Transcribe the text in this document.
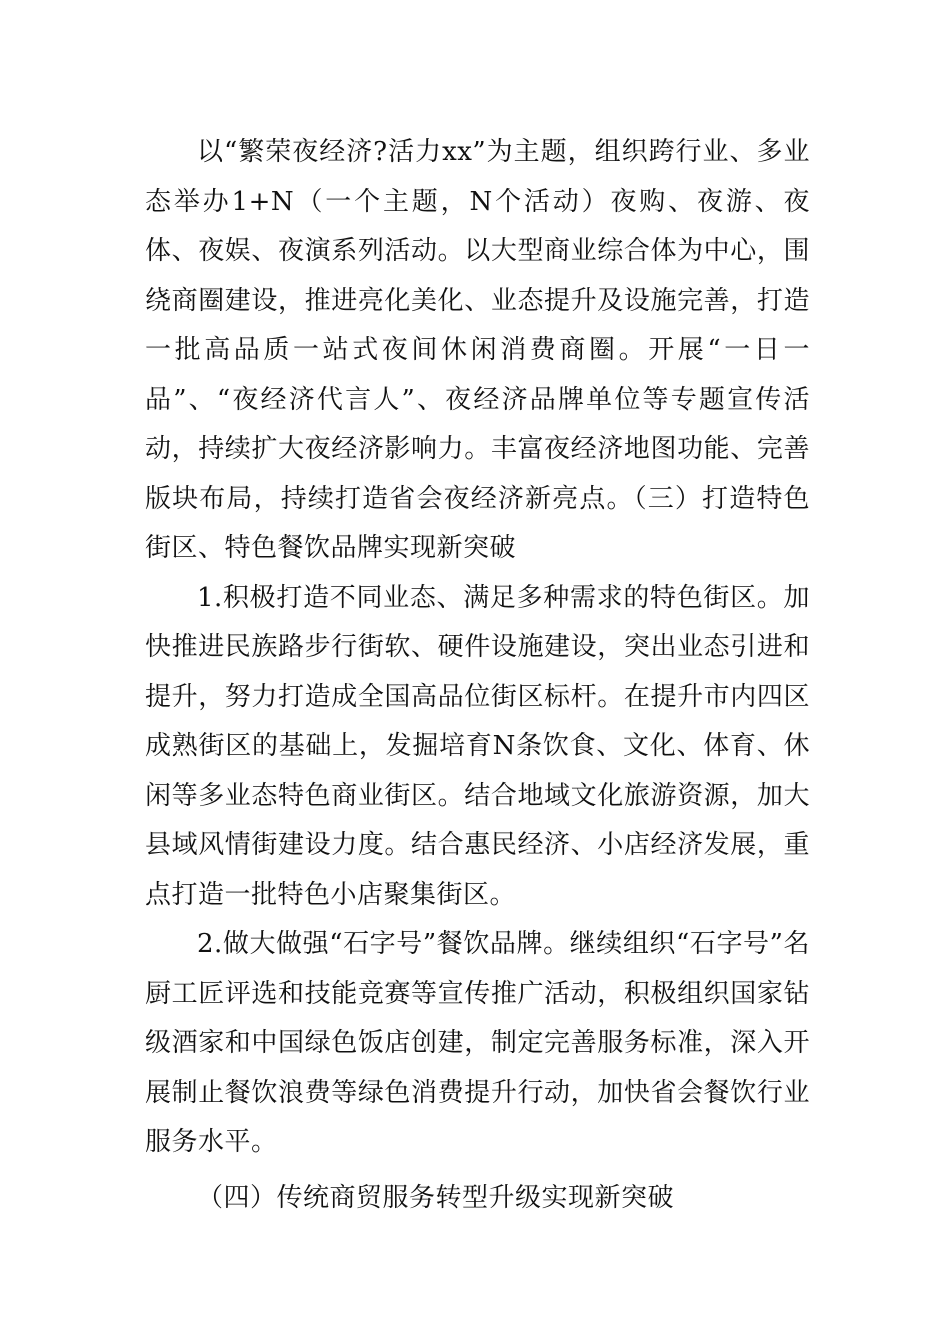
以“繁荣夜经济?活力xx”为主题，组织跨行业、多业态举办1+N（一个主题，N个活动）夜购、夜游、夜体、夜娱、夜演系列活动。以大型商业综合体为中心，围绕商圈建设，推进亮化美化、业态提升及设施完善，打造一批高品质一站式夜间休闲消费商圈。开展“一日一品”、“夜经济代言人”、夜经济品牌单位等专题宣传活动，持续扩大夜经济影响力。丰富夜经济地图功能、完善版块布局，持续打造省会夜经济新亮点。（三）打造特色街区、特色餐饮品牌实现新突破

1.积极打造不同业态、满足多种需求的特色街区。加快推进民族路步行街软、硬件设施建设，突出业态引进和提升，努力打造成全国高品位街区标杆。在提升市内四区成熟街区的基础上，发掘培育N条饮食、文化、体育、休闲等多业态特色商业街区。结合地域文化旅游资源，加大县域风情街建设力度。结合惠民经济、小店经济发展，重点打造一批特色小店聚集街区。

2.做大做强“石字号”餐饮品牌。继续组织“石字号”名厨工匠评选和技能竞赛等宣传推广活动，积极组织国家钻级酒家和中国绿色饭店创建，制定完善服务标准，深入开展制止餐饮浪费等绿色消费提升行动，加快省会餐饮行业服务水平。

（四）传统商贸服务转型升级实现新突破
